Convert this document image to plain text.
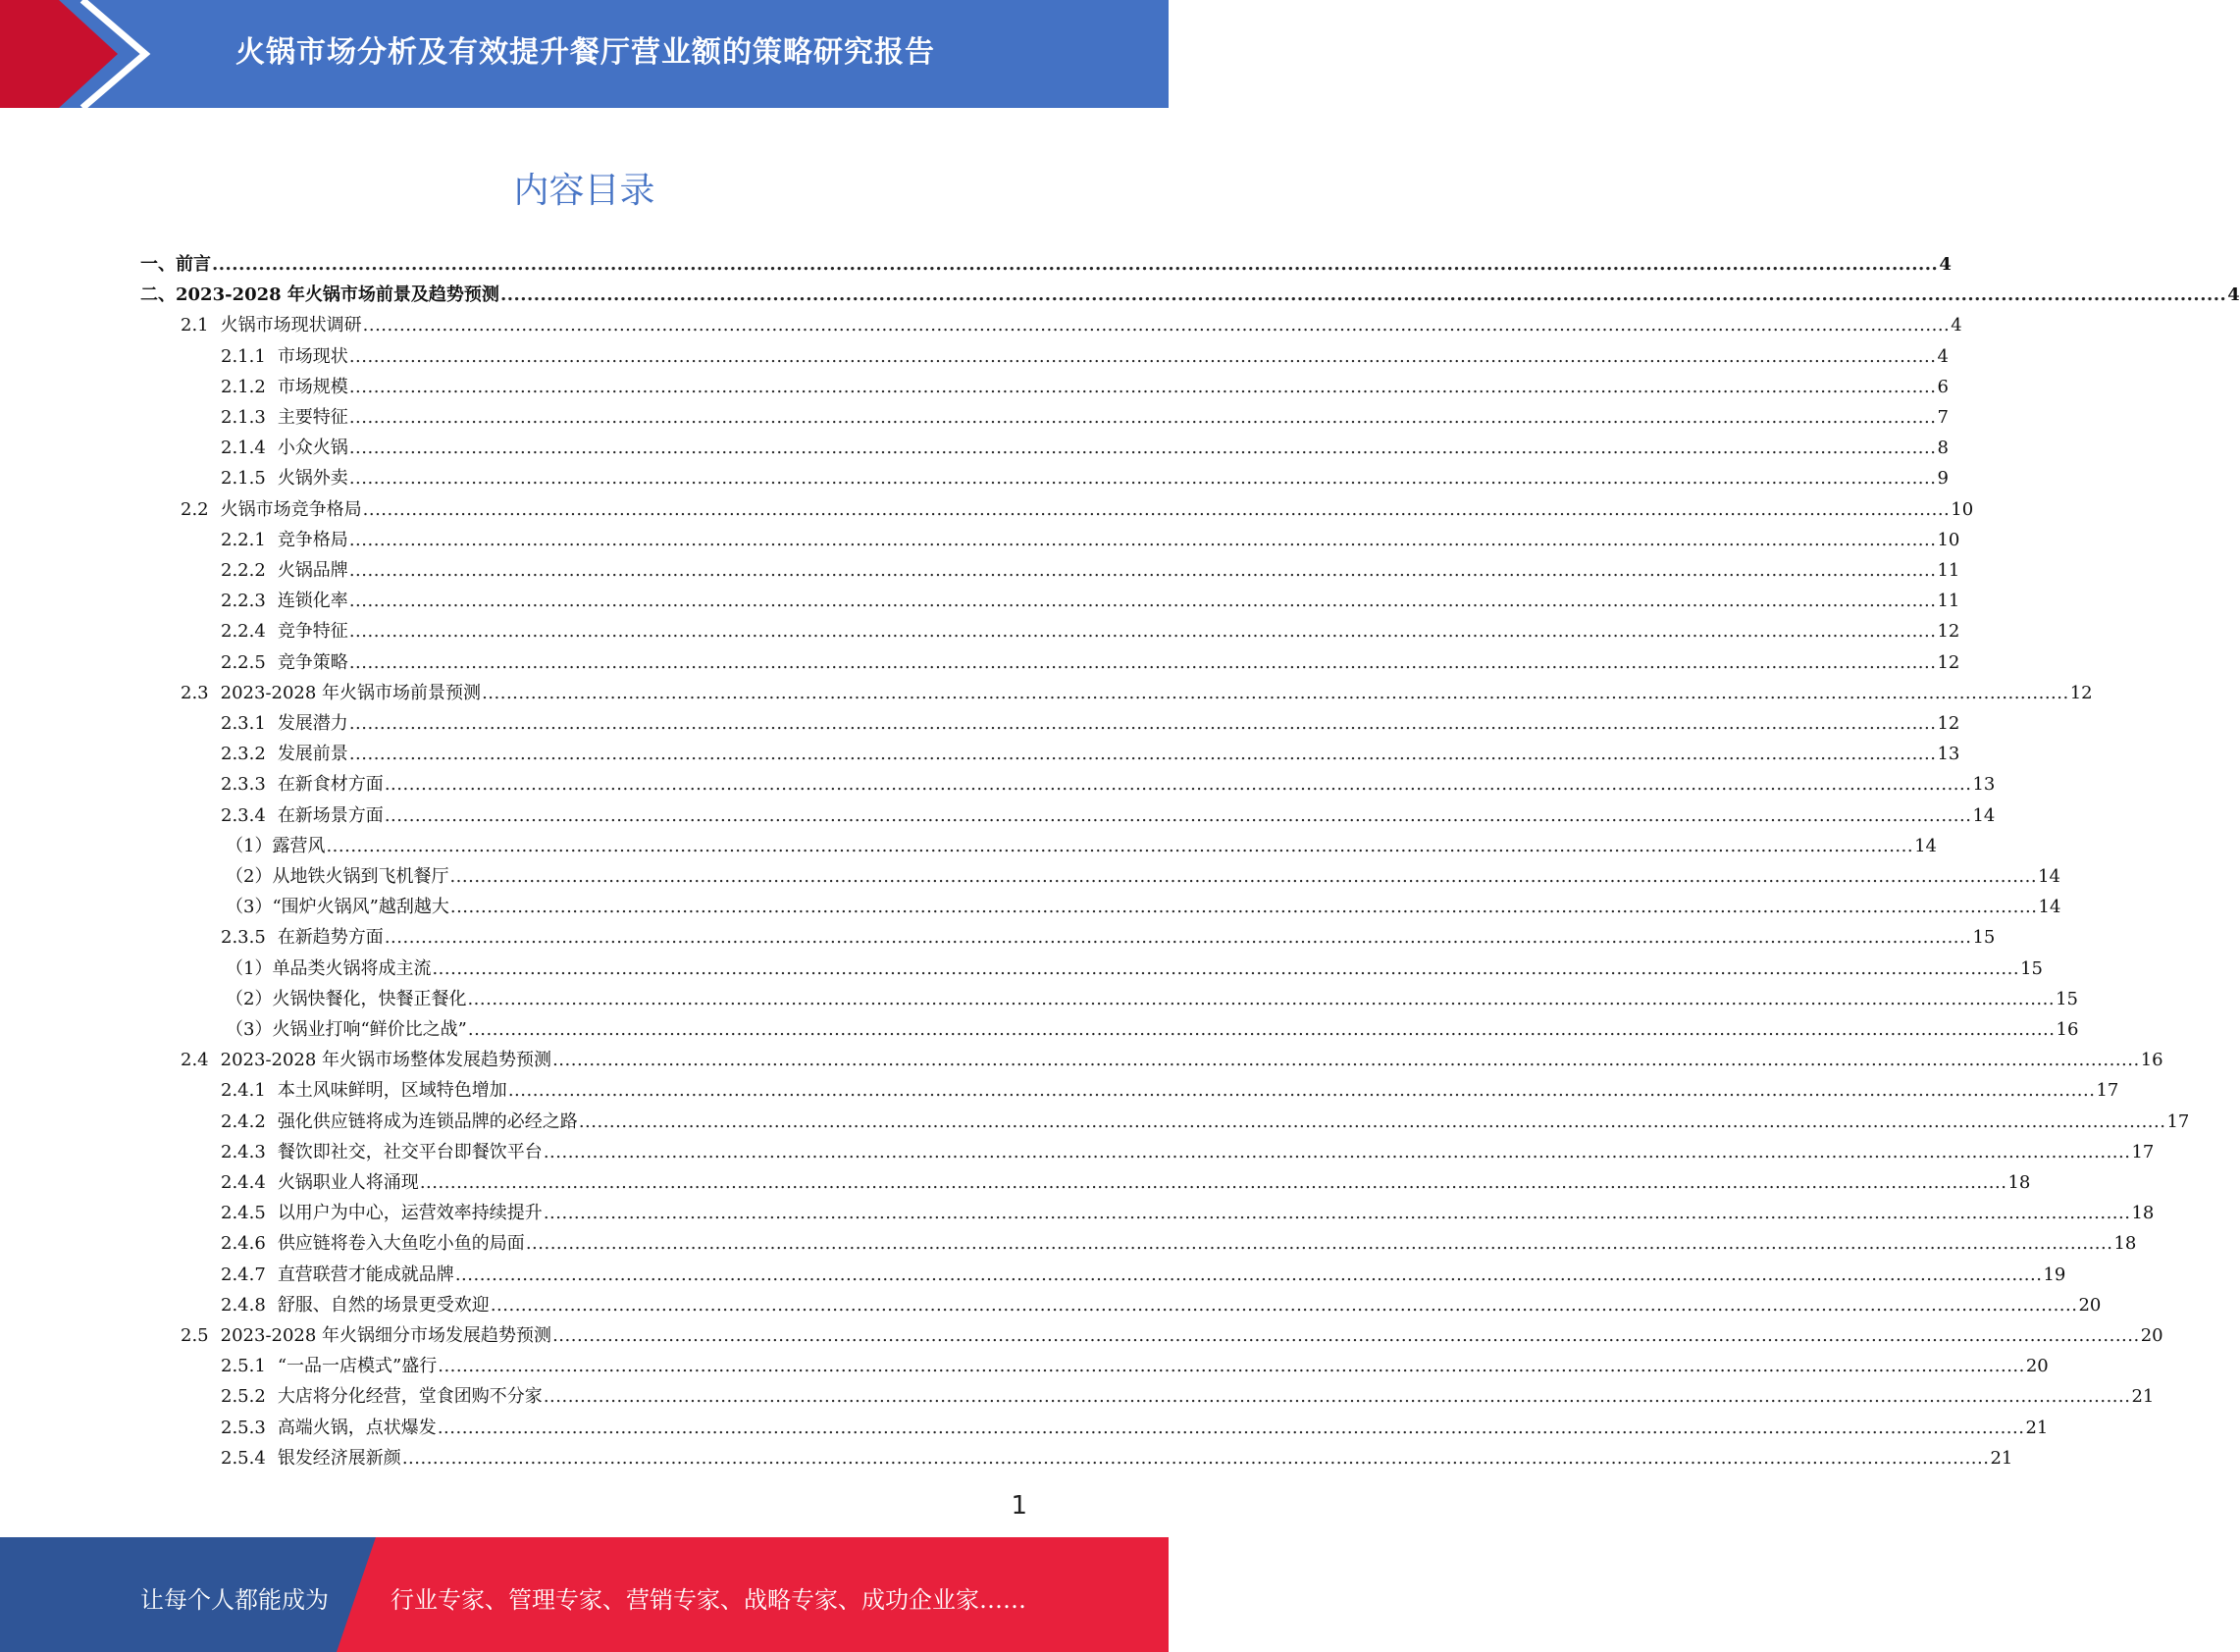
火锅市场分析及有效提升餐厅营业额的策略研究报告
内容目录
一、 前言 .................................................................................................................................................................................................................................................................... 4
二、 2023-2028 年火锅市场前景及趋势预测 .................................................................................................................................................................................................................................................................... 4
2.1 火锅市场现状调研 .................................................................................................................................................................................................................................................................... 4
2.1.1 市场现状 .................................................................................................................................................................................................................................................................... 4
2.1.2 市场规模 .................................................................................................................................................................................................................................................................... 6
2.1.3 主要特征 .................................................................................................................................................................................................................................................................... 7
2.1.4 小众火锅 .................................................................................................................................................................................................................................................................... 8
2.1.5 火锅外卖 .................................................................................................................................................................................................................................................................... 9
2.2 火锅市场竞争格局 .................................................................................................................................................................................................................................................................... 10
2.2.1 竞争格局 .................................................................................................................................................................................................................................................................... 10
2.2.2 火锅品牌 .................................................................................................................................................................................................................................................................... 11
2.2.3 连锁化率 .................................................................................................................................................................................................................................................................... 11
2.2.4 竞争特征 .................................................................................................................................................................................................................................................................... 12
2.2.5 竞争策略 .................................................................................................................................................................................................................................................................... 12
2.3 2023-2028 年火锅市场前景预测 .................................................................................................................................................................................................................................................................... 12
2.3.1 发展潜力 .................................................................................................................................................................................................................................................................... 12
2.3.2 发展前景 .................................................................................................................................................................................................................................................................... 13
2.3.3 在新食材方面 .................................................................................................................................................................................................................................................................... 13
2.3.4 在新场景方面 .................................................................................................................................................................................................................................................................... 14
（1） 露营风 .................................................................................................................................................................................................................................................................... 14
（2） 从地铁火锅到飞机餐厅 .................................................................................................................................................................................................................................................................... 14
（3） “围炉火锅风”越刮越大 .................................................................................................................................................................................................................................................................... 14
2.3.5 在新趋势方面 .................................................................................................................................................................................................................................................................... 15
（1） 单品类火锅将成主流 .................................................................................................................................................................................................................................................................... 15
（2） 火锅快餐化，快餐正餐化 .................................................................................................................................................................................................................................................................... 15
（3） 火锅业打响“鲜价比之战” .................................................................................................................................................................................................................................................................... 16
2.4 2023-2028 年火锅市场整体发展趋势预测 .................................................................................................................................................................................................................................................................... 16
2.4.1 本土风味鲜明，区域特色增加 .................................................................................................................................................................................................................................................................... 17
2.4.2 强化供应链将成为连锁品牌的必经之路 .................................................................................................................................................................................................................................................................... 17
2.4.3 餐饮即社交，社交平台即餐饮平台 .................................................................................................................................................................................................................................................................... 17
2.4.4 火锅职业人将涌现 .................................................................................................................................................................................................................................................................... 18
2.4.5 以用户为中心，运营效率持续提升 .................................................................................................................................................................................................................................................................... 18
2.4.6 供应链将卷入大鱼吃小鱼的局面 .................................................................................................................................................................................................................................................................... 18
2.4.7 直营联营才能成就品牌 .................................................................................................................................................................................................................................................................... 19
2.4.8 舒服、自然的场景更受欢迎 .................................................................................................................................................................................................................................................................... 20
2.5 2023-2028 年火锅细分市场发展趋势预测 .................................................................................................................................................................................................................................................................... 20
2.5.1 “一品一店模式”盛行 .................................................................................................................................................................................................................................................................... 20
2.5.2 大店将分化经营，堂食团购不分家 .................................................................................................................................................................................................................................................................... 21
2.5.3 高端火锅，点状爆发 .................................................................................................................................................................................................................................................................... 21
2.5.4 银发经济展新颜 .................................................................................................................................................................................................................................................................... 21
1
让每个人都能成为	行业专家、管理专家、营销专家、战略专家、成功企业家……
